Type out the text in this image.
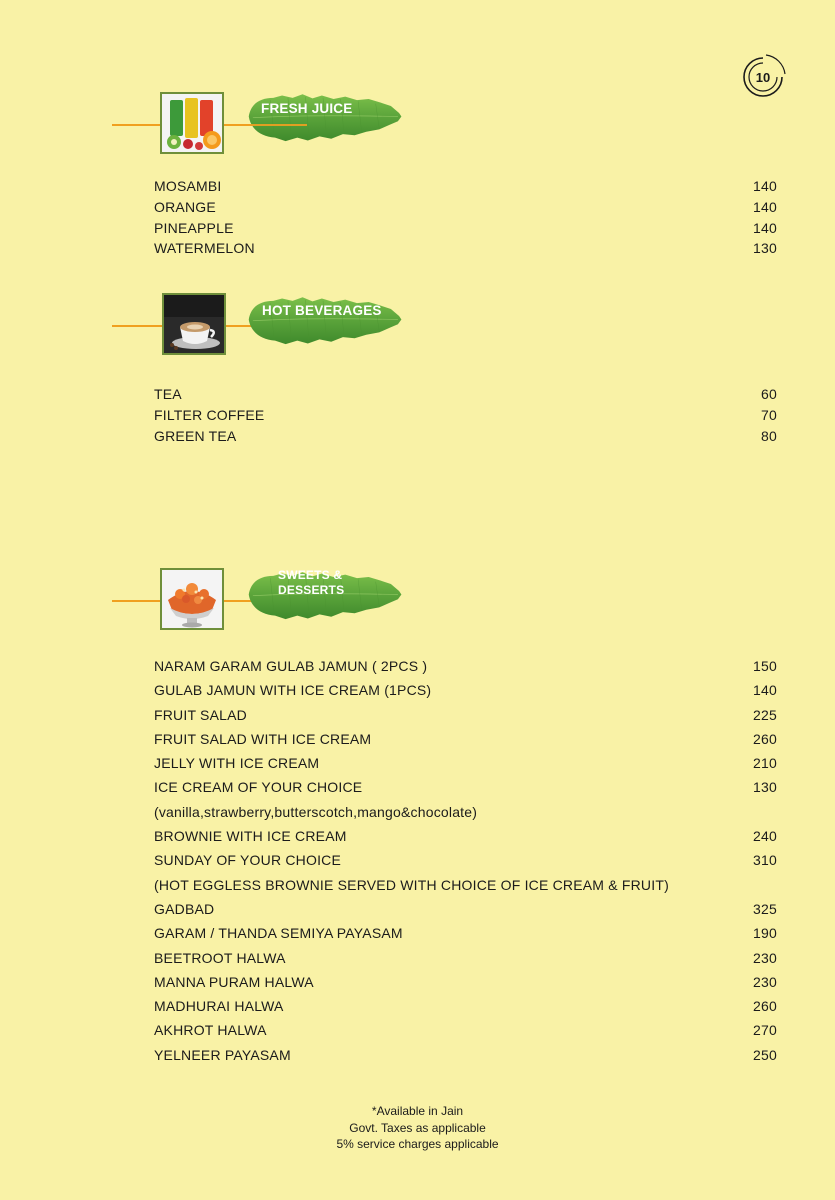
10
FRESH JUICE
MOSAMBI	140
ORANGE	140
PINEAPPLE	140
WATERMELON	130
HOT BEVERAGES
TEA	60
FILTER COFFEE	70
GREEN TEA	80
SWEETS &
DESSERTS
NARAM GARAM GULAB JAMUN ( 2PCS )	150
GULAB JAMUN WITH ICE CREAM (1PCS)	140
FRUIT SALAD	225
FRUIT SALAD WITH ICE CREAM	260
JELLY WITH ICE CREAM	210
ICE CREAM OF YOUR CHOICE	130
(vanilla,strawberry,butterscotch,mango&chocolate)
BROWNIE WITH ICE CREAM	240
SUNDAY OF YOUR CHOICE	310
(HOT EGGLESS BROWNIE SERVED WITH CHOICE OF ICE CREAM & FRUIT)
GADBAD	325
GARAM / THANDA SEMIYA PAYASAM	190
BEETROOT HALWA	230
MANNA PURAM HALWA	230
MADHURAI HALWA	260
AKHROT HALWA	270
YELNEER PAYASAM	250
*Available in Jain
Govt. Taxes as applicable
5% service charges applicable
